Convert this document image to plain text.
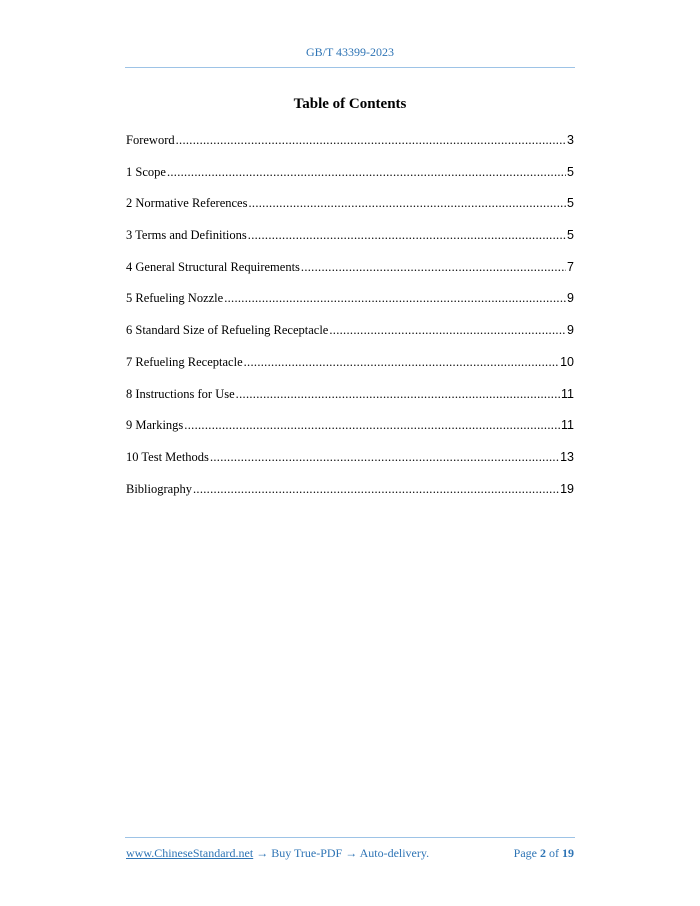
GB/T 43399-2023
Table of Contents
Foreword .....	3
1 Scope .....	5
2 Normative References .....	5
3 Terms and Definitions .....	5
4 General Structural Requirements .....	7
5 Refueling Nozzle .....	9
6 Standard Size of Refueling Receptacle .....	9
7 Refueling Receptacle .....	10
8 Instructions for Use .....	11
9 Markings .....	11
10 Test Methods .....	13
Bibliography .....	19
www.ChineseStandard.net → Buy True-PDF → Auto-delivery.	Page 2 of 19
